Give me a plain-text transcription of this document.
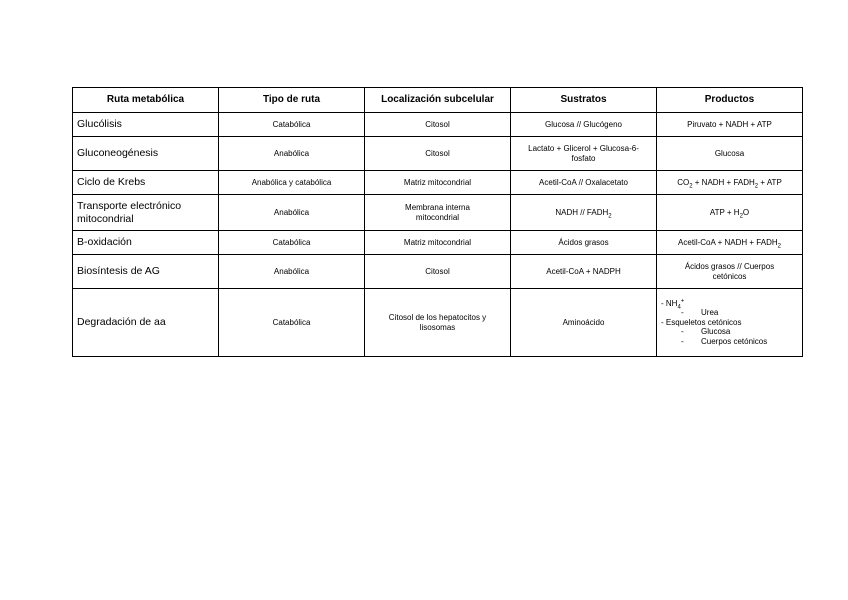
Ruta metabólica	Tipo de ruta	Localización subcelular	Sustratos	Productos
Glucólisis	Catabólica	Citosol	Glucosa // Glucógeno	Piruvato + NADH + ATP
Gluconeogénesis	Anabólica	Citosol	Lactato + Glicerol + Glucosa-6-fosfato	Glucosa
Ciclo de Krebs	Anabólica y catabólica	Matriz mitocondrial	Acetil-CoA // Oxalacetato	$CO_2$ + NADH + $FADH_2$ + ATP
Transporte electrónico mitocondrial	Anabólica	Membrana interna mitocondrial	NADH // $FADH_2$	ATP + $H_2O$
B-oxidación	Catabólica	Matriz mitocondrial	Ácidos grasos	Acetil-CoA + NADH + $FADH_2$
Biosíntesis de AG	Anabólica	Citosol	Acetil-CoA + NADPH	Ácidos grasos // Cuerpos cetónicos
Degradación de aa	Catabólica	Citosol de los hepatocitos y lisosomas	Aminoácido	- $NH_4^+$
- Urea
- Esqueletos cetónicos
- Glucosa
- Cuerpos cetónicos
